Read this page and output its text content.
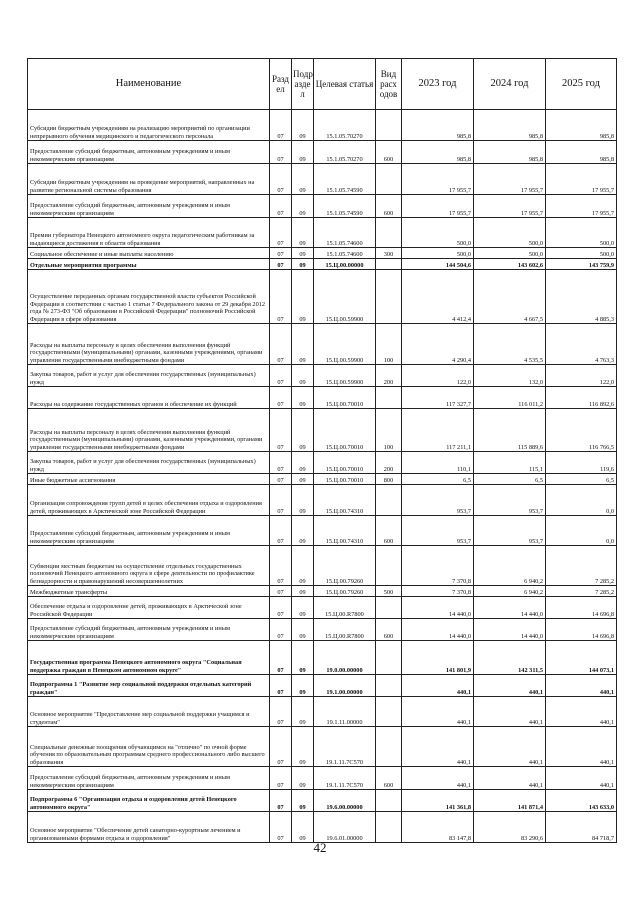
Наименование	Разд ел	Подр азде л	Целевая статья	Вид расх одов	2023 год	2024 год	2025 год
Субсидии бюджетным учреждениям на реализацию мероприятий по организации непрерывного обучения медицинского и педагогического персонала	07	09	15.1.05.70270		985,8	985,8	985,8
Предоставление субсидий бюджетным, автономным учреждениям и иным некоммерческим организациям	07	09	15.1.05.70270	600	985,8	985,8	985,8
Субсидии бюджетным учреждениям на проведение мероприятий, направленных на развитие региональной системы образования	07	09	15.1.05.74590		17 955,7	17 955,7	17 955,7
Предоставление субсидий бюджетным, автономным учреждениям и иным некоммерческим организациям	07	09	15.1.05.74590	600	17 955,7	17 955,7	17 955,7
Премии губернатора Ненецкого автономного округа педагогическим работникам за выдающиеся достижения в области образования	07	09	15.1.05.74600		500,0	500,0	500,0
Социальное обеспечение и иные выплаты населению	07	09	15.1.05.74600	300	500,0	500,0	500,0
Отдельные мероприятия программы	07	09	15.Ц.00.00000		144 504,6	143 602,6	143 759,9
Осуществление переданных органам государственной власти субъектов Российской Федерации в соответствии с частью 1 статьи 7 Федерального закона от 29 декабря 2012 года № 273-ФЗ "Об образовании в Российской Федерации" полномочий Российской Федерации в сфере образования	07	09	15.Ц.00.59900		4 412,4	4 667,5	4 885,3
Расходы на выплаты персоналу в целях обеспечения выполнения функций государственными (муниципальными) органами, казенными учреждениями, органами управления государственными внебюджетными фондами	07	09	15.Ц.00.59900	100	4 290,4	4 535,5	4 763,3
Закупка товаров, работ и услуг для обеспечения государственных (муниципальных) нужд	07	09	15.Ц.00.59900	200	122,0	132,0	122,0
Расходы на содержание государственных органов и обеспечение их функций	07	09	15.Ц.00.70010		117 327,7	116 011,2	116 892,6
Расходы на выплаты персоналу в целях обеспечения выполнения функций государственными (муниципальными) органами, казенными учреждениями, органами управления государственными внебюджетными фондами	07	09	15.Ц.00.70010	100	117 211,1	115 889,6	116 766,5
Закупка товаров, работ и услуг для обеспечения государственных (муниципальных) нужд	07	09	15.Ц.00.70010	200	110,1	115,1	119,6
Иные бюджетные ассигнования	07	09	15.Ц.00.70010	800	6,5	6,5	6,5
Организация сопровождения групп детей в целях обеспечения отдыха и оздоровления детей, проживающих в Арктической зоне Российской Федерации	07	09	15.Ц.00.74310		953,7	953,7	0,0
Предоставление субсидий бюджетным, автономным учреждениям и иным некоммерческим организациям	07	09	15.Ц.00.74310	600	953,7	953,7	0,0
Субвенции местным бюджетам на осуществление отдельных государственных полномочий Ненецкого автономного округа в сфере деятельности по профилактике безнадзорности и правонарушений несовершеннолетних	07	09	15.Ц.00.79260		7 370,8	6 940,2	7 285,2
Межбюджетные трансферты	07	09	15.Ц.00.79260	500	7 370,8	6 940,2	7 285,2
Обеспечение отдыха и оздоровление детей, проживающих в Арктической зоне Российской Федерации	07	09	15.Ц.00.R7800		14 440,0	14 440,0	14 696,8
Предоставление субсидий бюджетным, автономным учреждениям и иным некоммерческим организациям	07	09	15.Ц.00.R7800	600	14 440,0	14 440,0	14 696,8
Государственная программа Ненецкого автономного округа "Социальная поддержка граждан в Ненецком автономном округе"	07	09	19.0.00.00000		141 801,9	142 311,5	144 073,1
Подпрограмма 1 "Развитие мер социальной поддержки отдельных категорий граждан"	07	09	19.1.00.00000		440,1	440,1	440,1
Основное мероприятие "Предоставление мер социальной поддержки учащимся и студентам"	07	09	19.1.11.00000		440,1	440,1	440,1
Специальные денежные поощрения обучающимся на "отлично" по очной форме обучения по образовательным программам среднего профессионального либо высшего образования	07	09	19.1.11.7С570		440,1	440,1	440,1
Предоставление субсидий бюджетным, автономным учреждениям и иным некоммерческим организациям	07	09	19.1.11.7С570	600	440,1	440,1	440,1
Подпрограмма 6 "Организация отдыха и оздоровления детей Ненецкого автономного округа"	07	09	19.6.00.00000		141 361,8	141 871,4	143 633,0
Основное мероприятие "Обеспечение детей санаторно-курортным лечением и организованными формами отдыха и оздоровления"	07	09	19.6.01.00000		83 147,8	83 290,6	84 718,7
42
